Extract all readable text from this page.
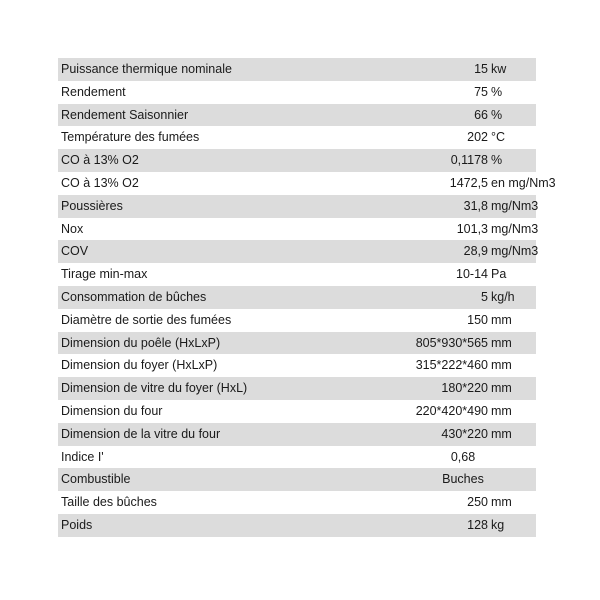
Puissance thermique nominale	15 kw
Rendement	75 %
Rendement Saisonnier	66 %
Température des fumées	202 °C
CO à 13% O2	0,1178 %
CO à 13% O2	1472,5 en mg/Nm3
Poussières	31,8 mg/Nm3
Nox	101,3 mg/Nm3
COV	28,9 mg/Nm3
Tirage min-max	10-14 Pa
Consommation de bûches	5 kg/h
Diamètre de sortie des fumées	150 mm
Dimension du poêle (HxLxP)	805*930*565 mm
Dimension du foyer (HxLxP)	315*222*460 mm
Dimension de vitre du foyer (HxL)	180*220 mm
Dimension du four	220*420*490 mm
Dimension de la vitre du four	430*220 mm
Indice I'	0,68
Combustible	Buches
Taille des bûches	250 mm
Poids	128 kg
